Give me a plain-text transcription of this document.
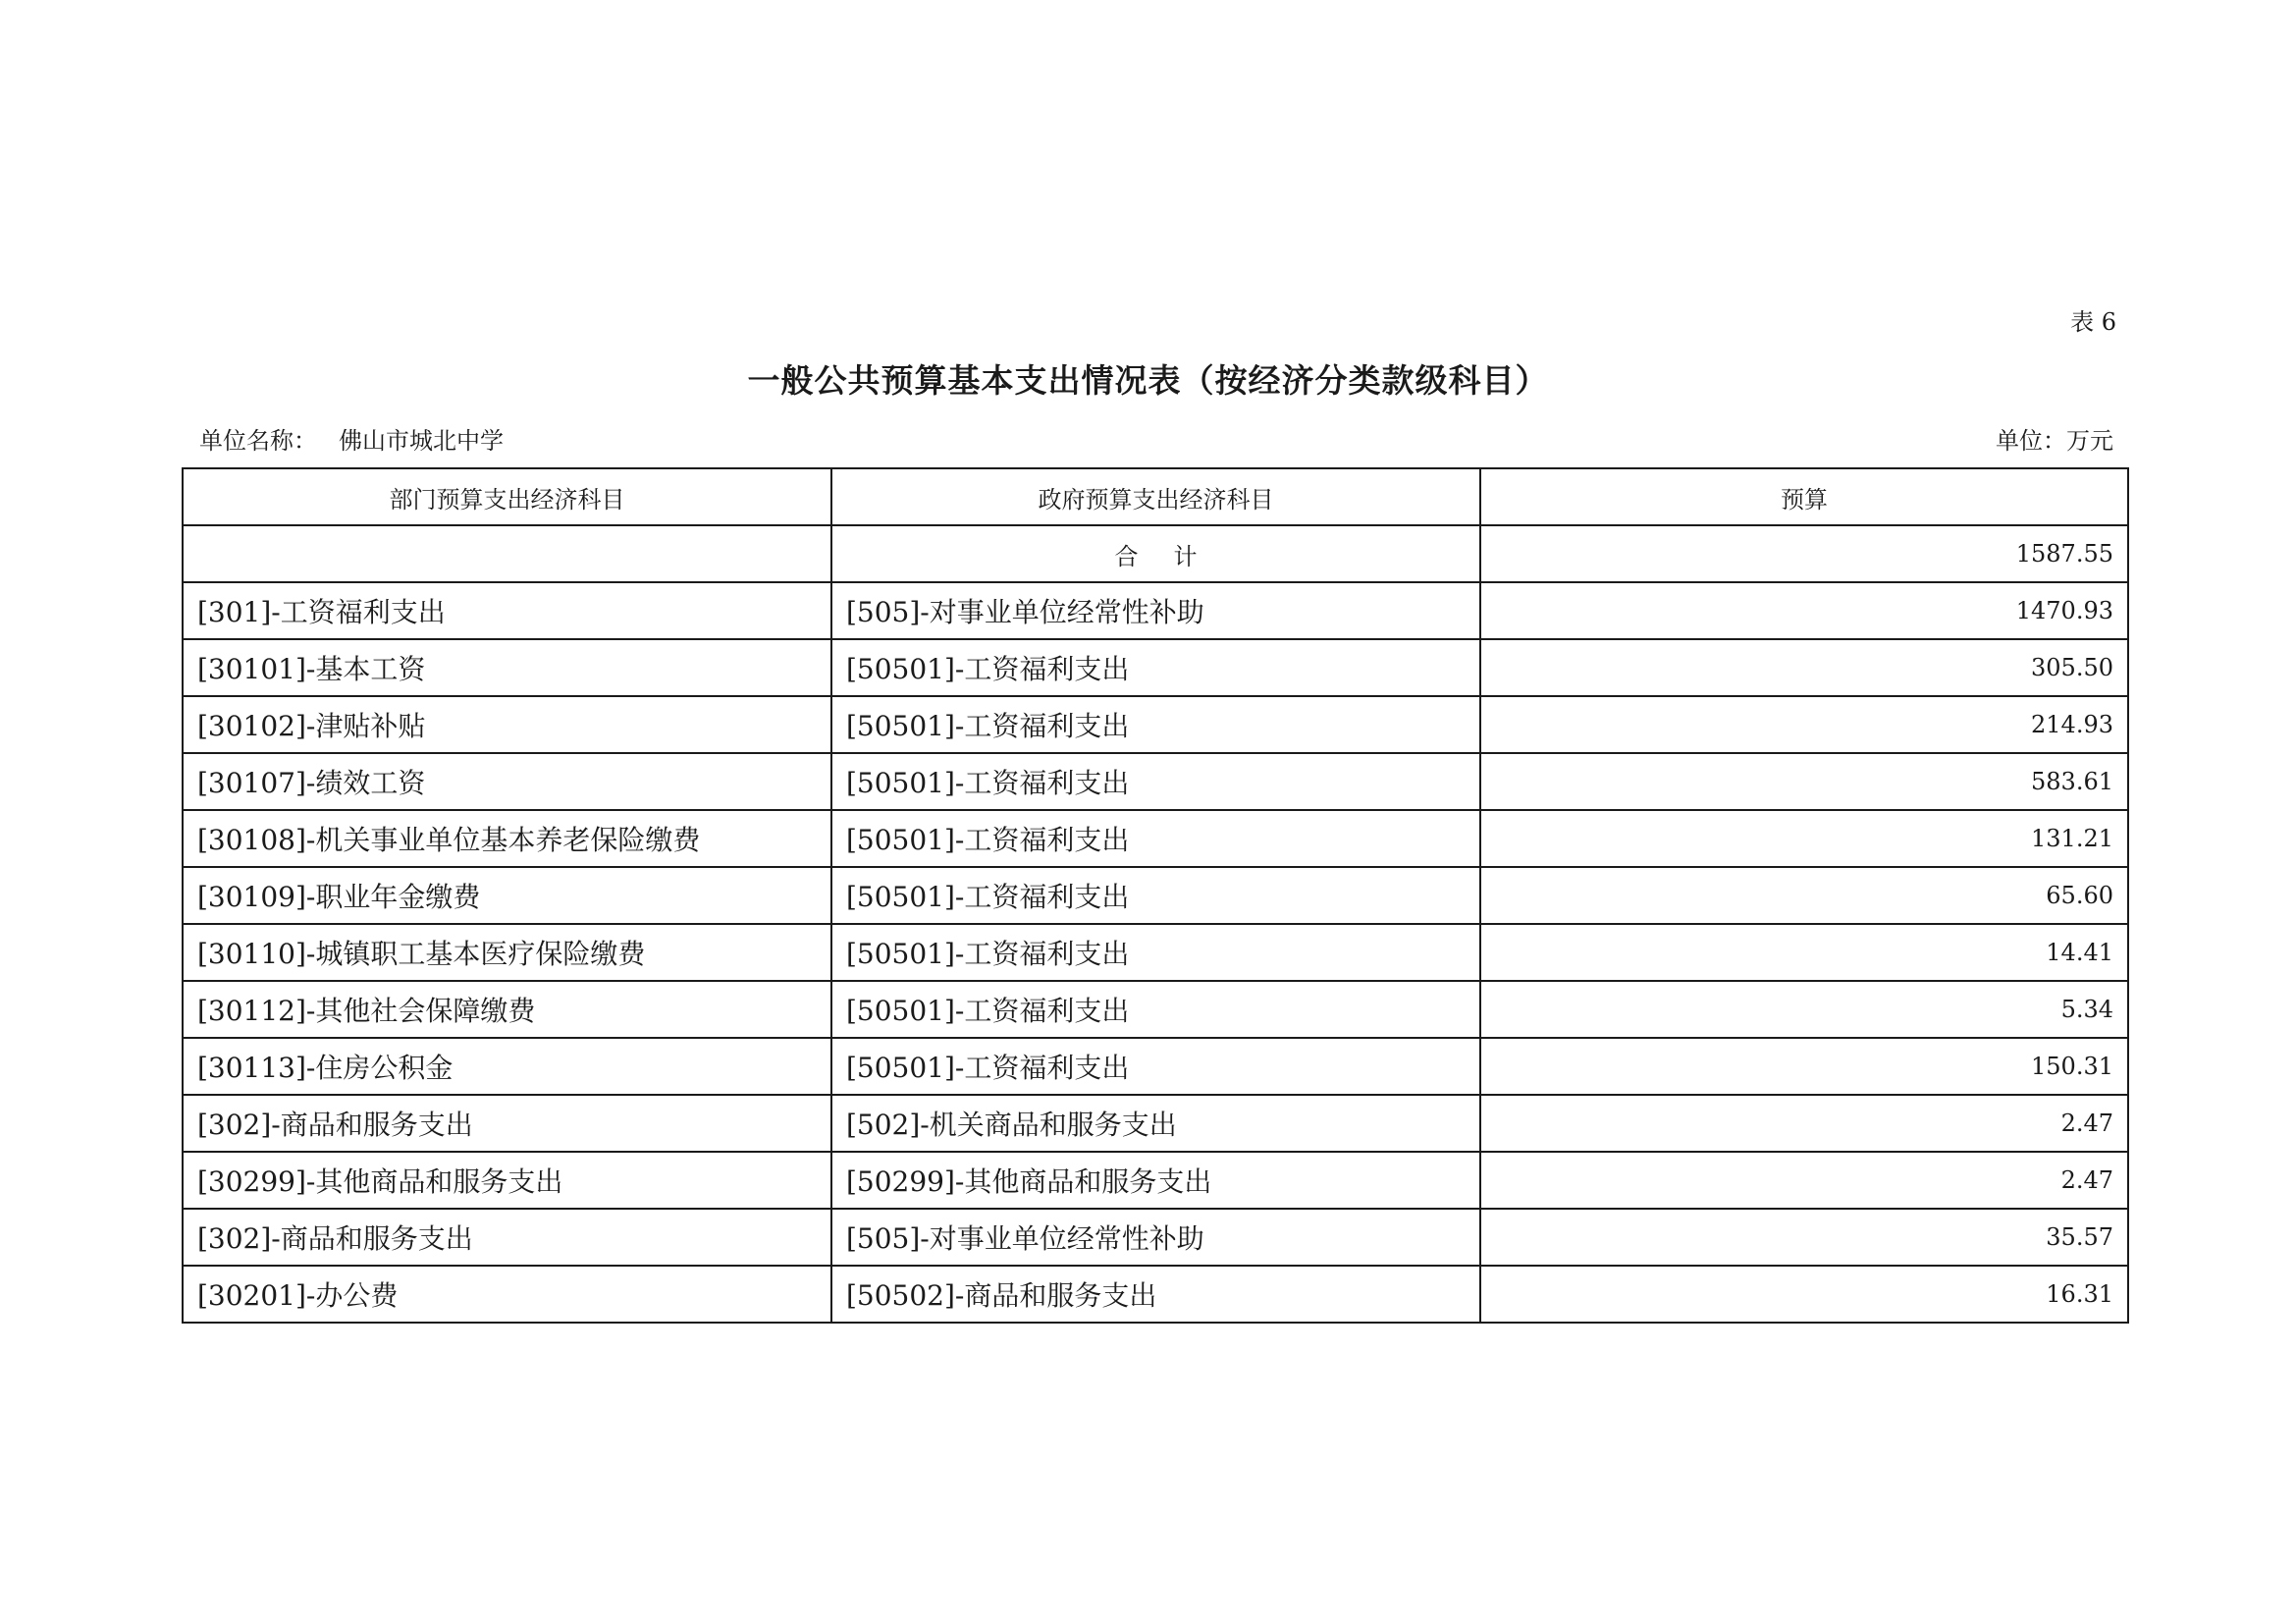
表 6
一般公共预算基本支出情况表（按经济分类款级科目）
单位名称： 佛山市城北中学	单位：万元
部门预算支出经济科目	政府预算支出经济科目	预算
	合计	1587.55
[301]-工资福利支出	[505]-对事业单位经常性补助	1470.93
[30101]-基本工资	[50501]-工资福利支出	305.50
[30102]-津贴补贴	[50501]-工资福利支出	214.93
[30107]-绩效工资	[50501]-工资福利支出	583.61
[30108]-机关事业单位基本养老保险缴费	[50501]-工资福利支出	131.21
[30109]-职业年金缴费	[50501]-工资福利支出	65.60
[30110]-城镇职工基本医疗保险缴费	[50501]-工资福利支出	14.41
[30112]-其他社会保障缴费	[50501]-工资福利支出	5.34
[30113]-住房公积金	[50501]-工资福利支出	150.31
[302]-商品和服务支出	[502]-机关商品和服务支出	2.47
[30299]-其他商品和服务支出	[50299]-其他商品和服务支出	2.47
[302]-商品和服务支出	[505]-对事业单位经常性补助	35.57
[30201]-办公费	[50502]-商品和服务支出	16.31
